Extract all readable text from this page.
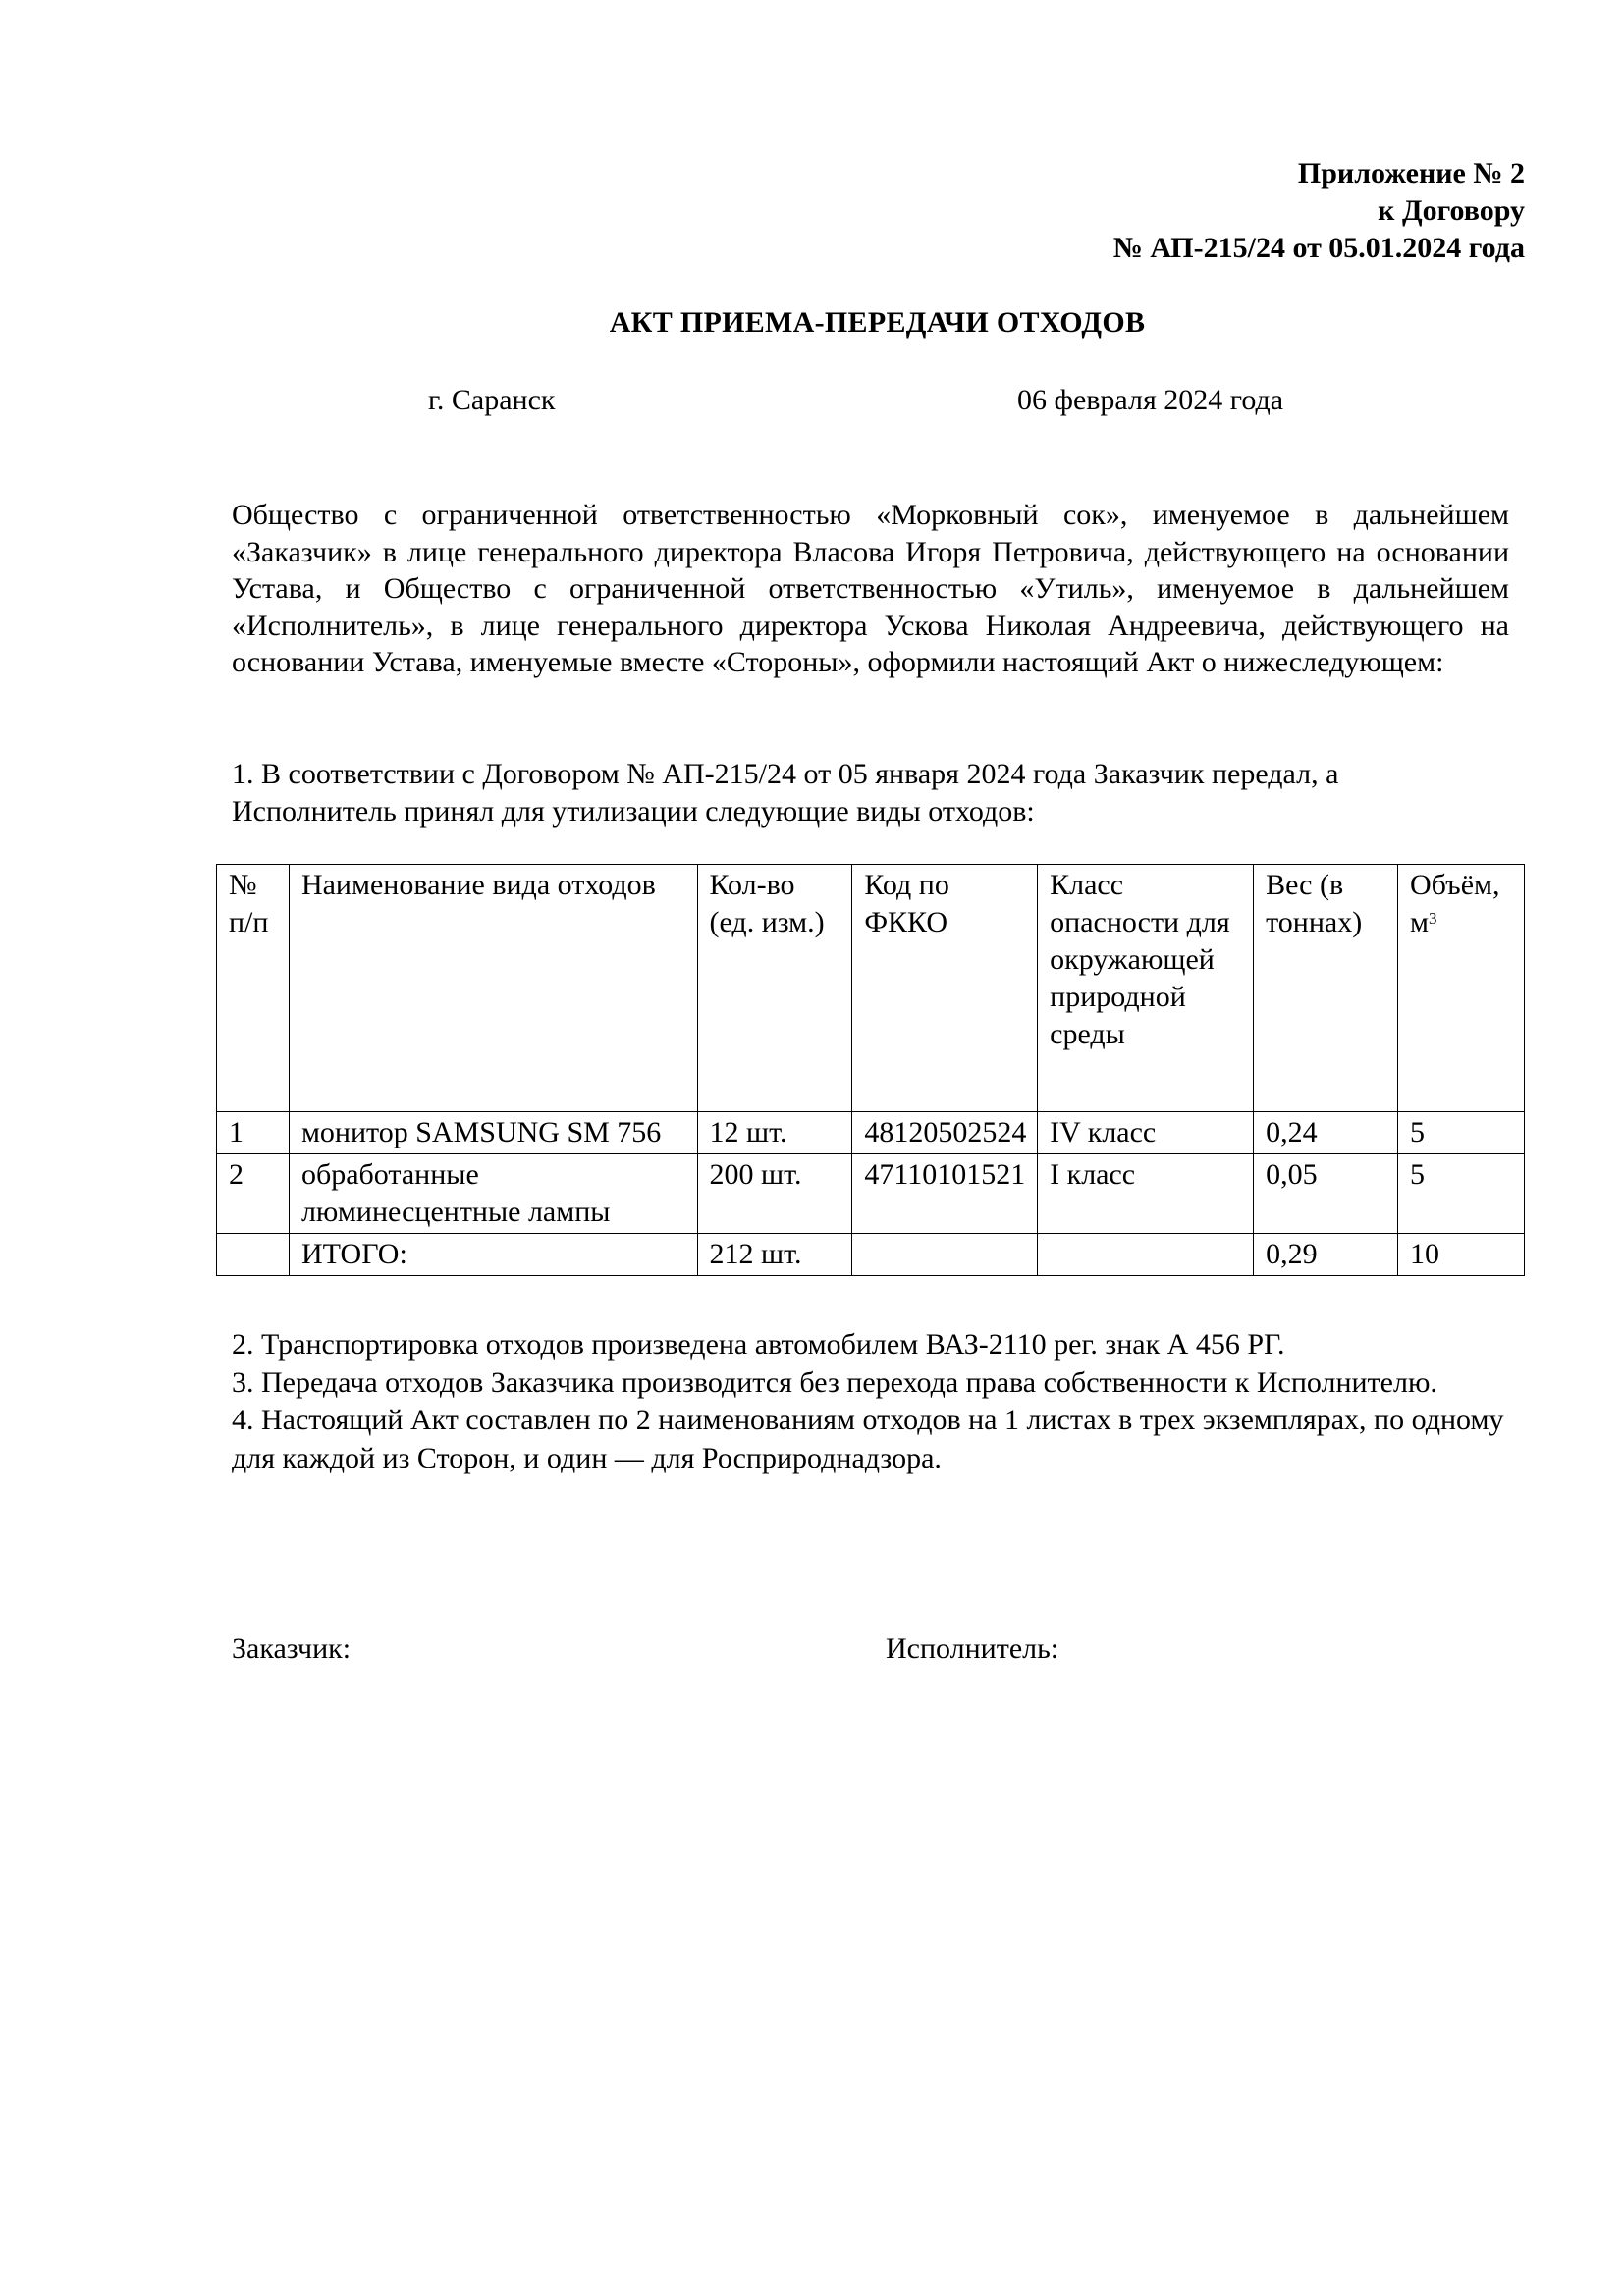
Приложение № 2
к Договору
№ АП-215/24 от 05.01.2024 года
АКТ ПРИЕМА-ПЕРЕДАЧИ ОТХОДОВ
г. Саранск	06 февраля 2024 года
Общество с ограниченной ответственностью «Морковный сок», именуемое в дальнейшем «Заказчик» в лице генерального директора Власова Игоря Петровича, действующего на основании Устава, и Общество с ограниченной ответственностью «Утиль», именуемое в дальнейшем «Исполнитель», в лице генерального директора Ускова Николая Андреевича, действующего на основании Устава, именуемые вместе «Стороны», оформили настоящий Акт о нижеследующем:
1. В соответствии с Договором № АП-215/24 от 05 января 2024 года Заказчик передал, а Исполнитель принял для утилизации следующие виды отходов:
№ п/п	Наименование вида отходов	Кол-во (ед. изм.)	Код по ФККО	Класс опасности для окружающей природной среды	Вес (в тоннах)	Объём, $м^3$
1	монитор SAMSUNG SM 756	12 шт.	48120502524	IV класс	0,24	5
2	обработанные люминесцентные лампы	200 шт.	47110101521	I класс	0,05	5
	ИТОГО:	212 шт.			0,29	10

2. Транспортировка отходов произведена автомобилем ВАЗ-2110 рег. знак А 456 РГ.

3. Передача отходов Заказчика производится без перехода права собственности к Исполнителю.

4. Настоящий Акт составлен по 2 наименованиям отходов на 1 листах в трех экземплярах, по одному для каждой из Сторон, и один — для Росприроднадзора.

Заказчик:	Исполнитель:
